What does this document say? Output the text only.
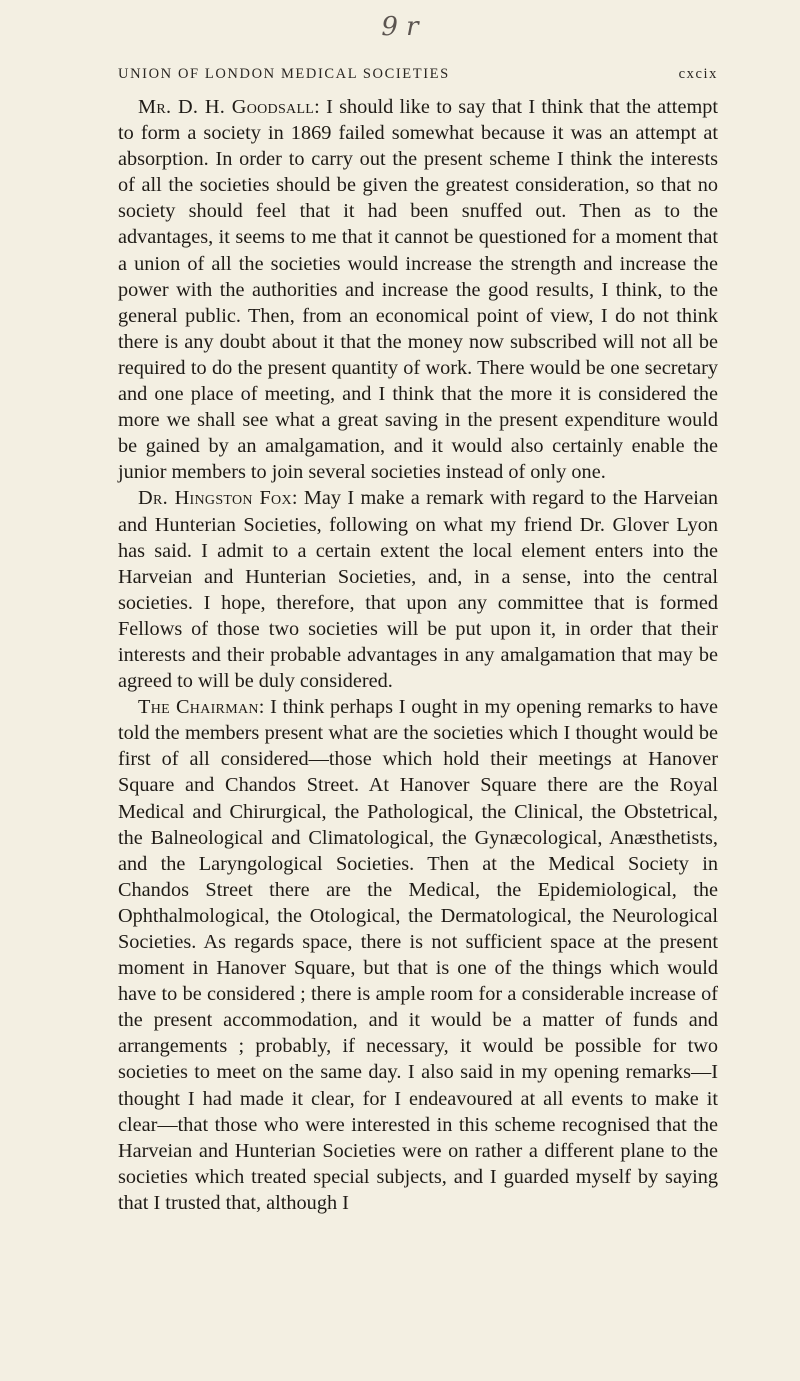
9 r
UNION OF LONDON MEDICAL SOCIETIES	cxcix

Mr. D. H. Goodsall: I should like to say that I think that the attempt to form a society in 1869 failed somewhat because it was an attempt at absorption. In order to carry out the present scheme I think the interests of all the societies should be given the greatest consideration, so that no society should feel that it had been snuffed out. Then as to the advantages, it seems to me that it cannot be questioned for a moment that a union of all the societies would increase the strength and increase the power with the authorities and increase the good results, I think, to the general public. Then, from an economical point of view, I do not think there is any doubt about it that the money now subscribed will not all be required to do the present quantity of work. There would be one secretary and one place of meeting, and I think that the more it is considered the more we shall see what a great saving in the present expenditure would be gained by an amalgamation, and it would also certainly enable the junior members to join several societies instead of only one.

Dr. Hingston Fox: May I make a remark with regard to the Harveian and Hunterian Societies, following on what my friend Dr. Glover Lyon has said. I admit to a certain extent the local element enters into the Harveian and Hunterian Societies, and, in a sense, into the central societies. I hope, therefore, that upon any committee that is formed Fellows of those two societies will be put upon it, in order that their interests and their probable advantages in any amalgamation that may be agreed to will be duly considered.

The Chairman: I think perhaps I ought in my opening remarks to have told the members present what are the societies which I thought would be first of all considered—those which hold their meetings at Hanover Square and Chandos Street. At Hanover Square there are the Royal Medical and Chirurgical, the Pathological, the Clinical, the Obstetrical, the Balneological and Climatological, the Gynæcological, Anæsthetists, and the Laryngological Societies. Then at the Medical Society in Chandos Street there are the Medical, the Epidemiological, the Ophthalmological, the Otological, the Dermatological, the Neurological Societies. As regards space, there is not sufficient space at the present moment in Hanover Square, but that is one of the things which would have to be considered ; there is ample room for a considerable increase of the present accommodation, and it would be a matter of funds and arrangements ; probably, if necessary, it would be possible for two societies to meet on the same day. I also said in my opening remarks—I thought I had made it clear, for I endeavoured at all events to make it clear—that those who were interested in this scheme recognised that the Harveian and Hunterian Societies were on rather a different plane to the societies which treated special subjects, and I guarded myself by saying that I trusted that, although I
